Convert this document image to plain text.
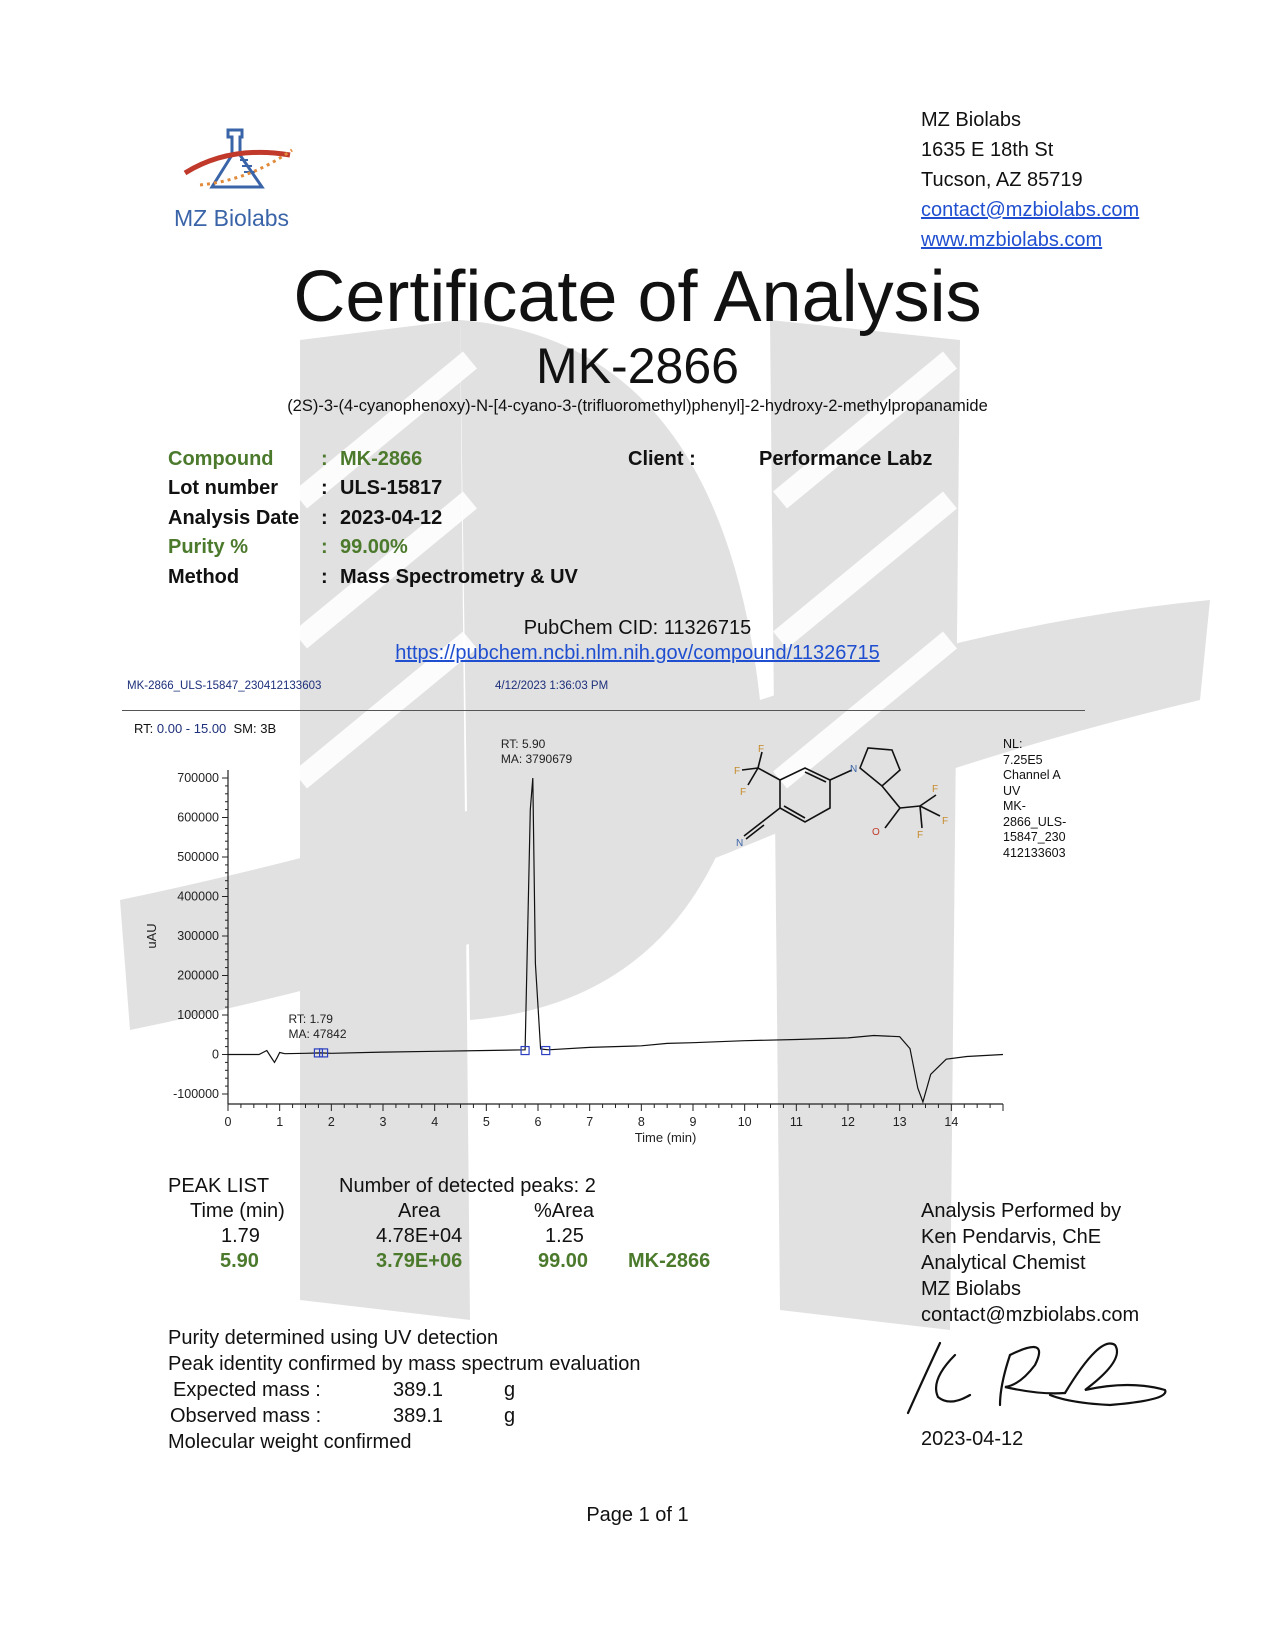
MZ Biolabs
MZ Biolabs
1635 E 18th St
Tucson, AZ 85719
contact@mzbiolabs.com
www.mzbiolabs.com
Certificate of Analysis
MK-2866
(2S)-3-(4-cyanophenoxy)-N-[4-cyano-3-(trifluoromethyl)phenyl]-2-hydroxy-2-methylpropanamide
Compound	: MK-2866
Lot number	: ULS-15817
Analysis Date	: 2023-04-12
Purity %	: 99.00%
Method	: Mass Spectrometry & UV
Client :	Performance Labz
PubChem CID: 11326715
https://pubchem.ncbi.nlm.nih.gov/compound/11326715
MK-2866_ULS-15847_230412133603	4/12/2023 1:36:03 PM
RT: 0.00 - 15.00 SM: 3B
-100000
0
100000
200000
300000
400000
500000
600000
700000
0	1	2	3	4	5	6	7	8	9	10	11	12	13	14
Time (min)
uAU
RT: 1.79
MA: 47842
RT: 5.90
MA: 3790679
F
F
F	F
F
F
N
N
O
NL:
7.25E5
Channel A
UV
MK-
2866_ULS-
15847_230
412133603
PEAK LIST	Number of detected peaks: 2
Time (min)	Area	%Area
1.79	4.78E+04	1.25
5.90	3.79E+06	99.00 MK-2866
Analysis Performed by
Ken Pendarvis, ChE
Analytical Chemist
MZ Biolabs
contact@mzbiolabs.com
2023-04-12
Purity determined using UV detection
Peak identity confirmed by mass spectrum evaluation
Expected mass :	389.1	g
Observed mass :	389.1	g
Molecular weight confirmed
Page 1 of 1
